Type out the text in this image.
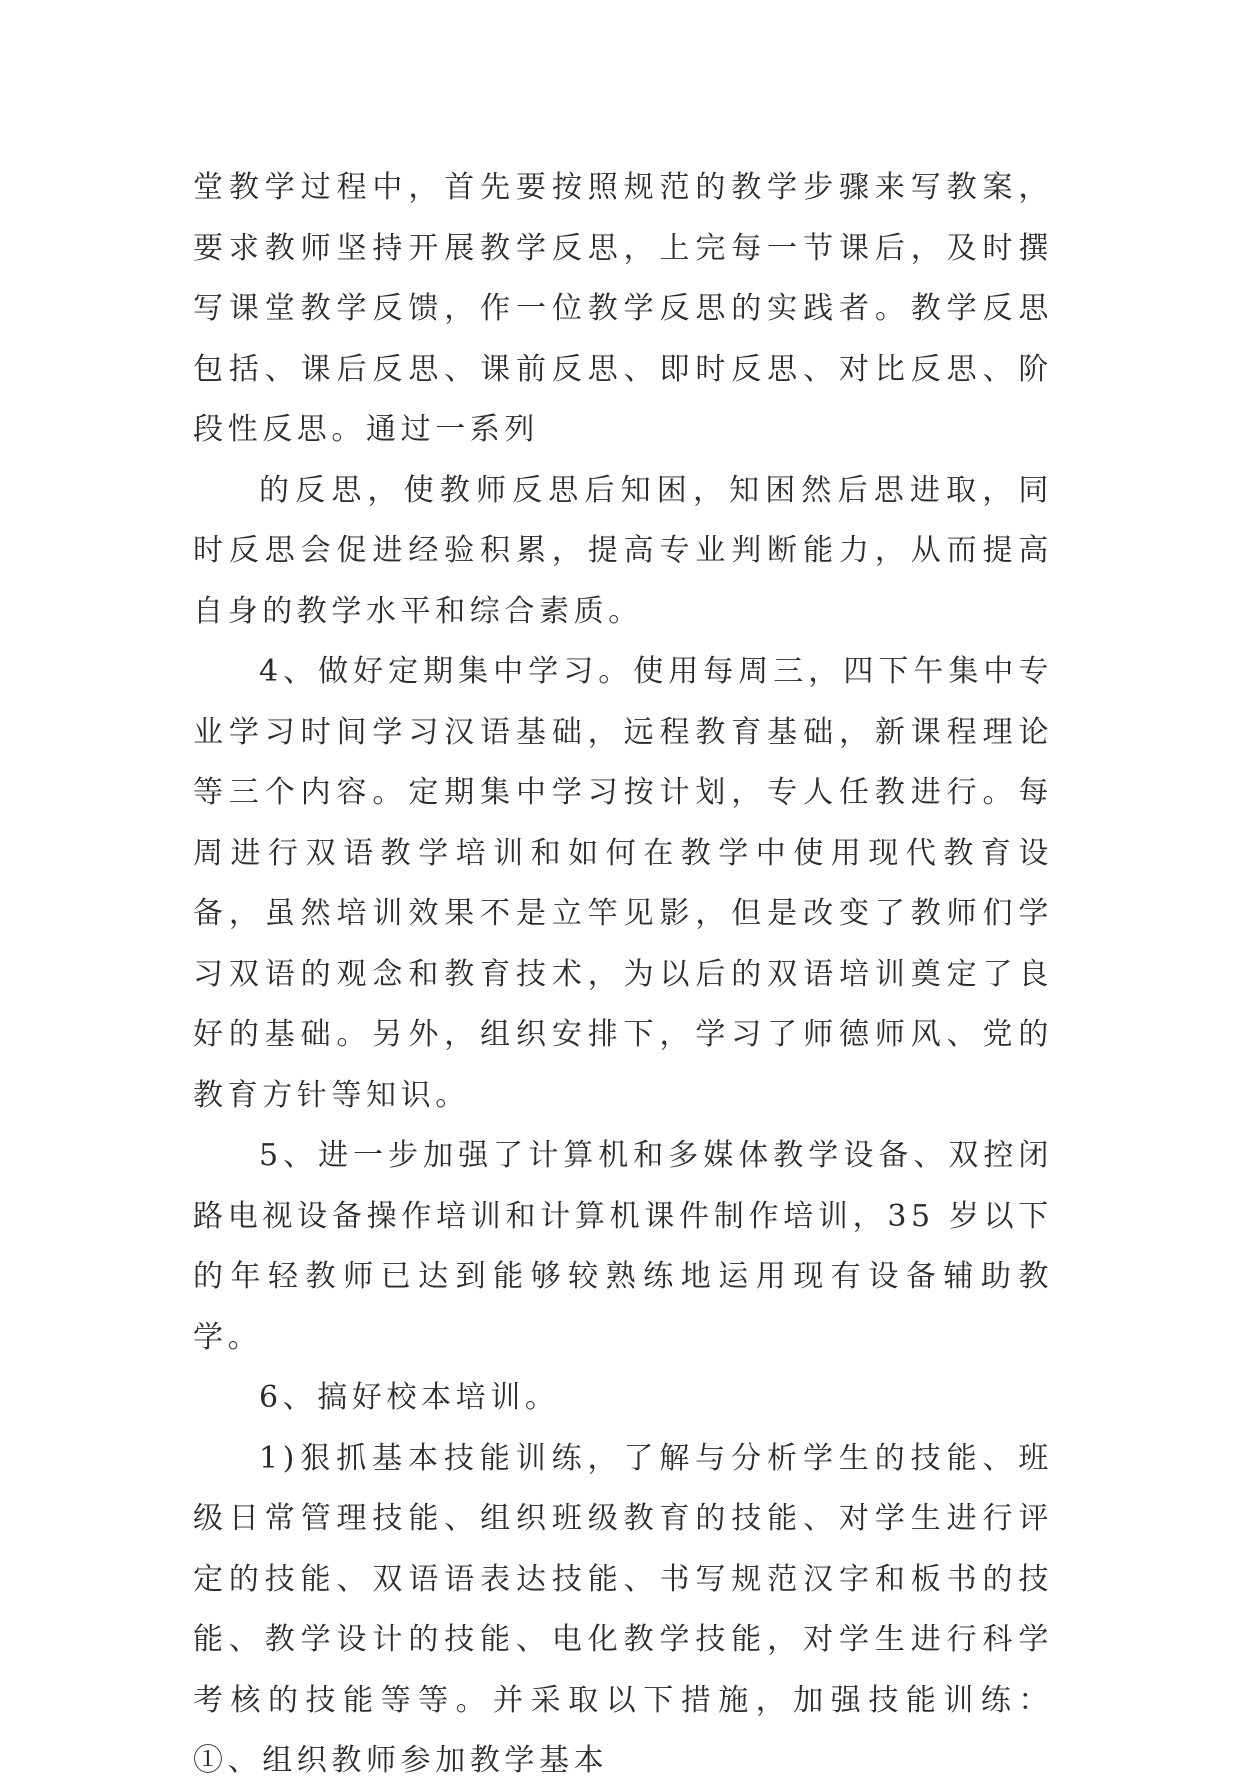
堂教学过程中，首先要按照规范的教学步骤来写教案，要求教师坚持开展教学反思，上完每一节课后，及时撰写课堂教学反馈，作一位教学反思的实践者。教学反思包括、课后反思、课前反思、即时反思、对比反思、阶段性反思。通过一系列

的反思，使教师反思后知困，知困然后思进取，同时反思会促进经验积累，提高专业判断能力，从而提高自身的教学水平和综合素质。

4、做好定期集中学习。使用每周三，四下午集中专业学习时间学习汉语基础，远程教育基础，新课程理论等三个内容。定期集中学习按计划，专人任教进行。每周进行双语教学培训和如何在教学中使用现代教育设备，虽然培训效果不是立竿见影，但是改变了教师们学习双语的观念和教育技术，为以后的双语培训奠定了良好的基础。另外，组织安排下，学习了师德师风、党的教育方针等知识。

5、进一步加强了计算机和多媒体教学设备、双控闭路电视设备操作培训和计算机课件制作培训，35 岁以下的年轻教师已达到能够较熟练地运用现有设备辅助教学。

6、搞好校本培训。

1)狠抓基本技能训练，了解与分析学生的技能、班级日常管理技能、组织班级教育的技能、对学生进行评定的技能、双语语表达技能、书写规范汉字和板书的技能、教学设计的技能、电化教学技能，对学生进行科学考核的技能等等。并采取以下措施，加强技能训练：①、组织教师参加教学基本
